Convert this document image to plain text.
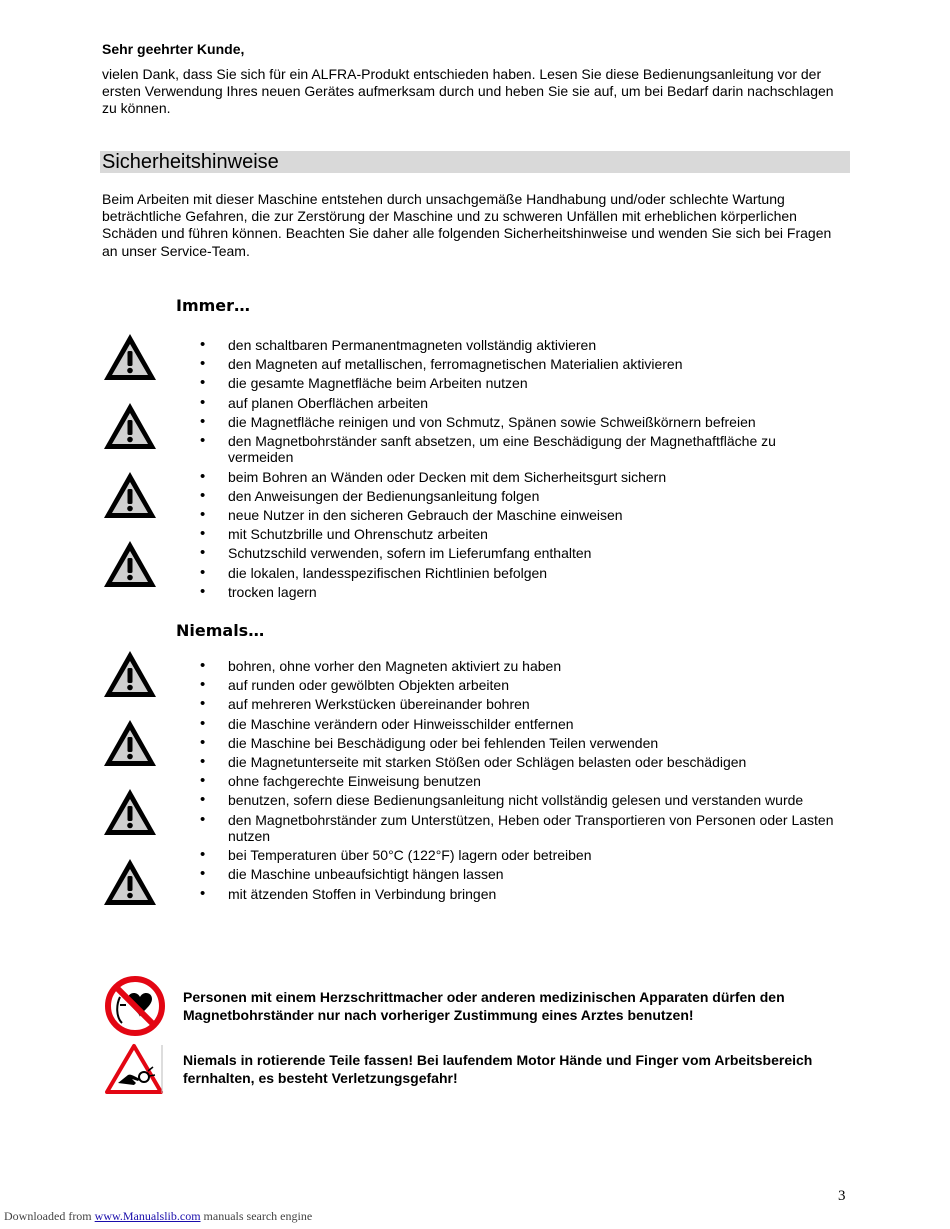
Sehr geehrter Kunde,
vielen Dank, dass Sie sich für ein ALFRA-Produkt entschieden haben. Lesen Sie diese Bedienungsanleitung vor der ersten Verwendung Ihres neuen Gerätes aufmerksam durch und heben Sie sie auf, um bei Bedarf darin nachschlagen zu können.
Sicherheitshinweise
Beim Arbeiten mit dieser Maschine entstehen durch unsachgemäße Handhabung und/oder schlechte Wartung beträchtliche Gefahren, die zur Zerstörung der Maschine und zu schweren Unfällen mit erheblichen körperlichen Schäden und führen können. Beachten Sie daher alle folgenden Sicherheitshinweise und wenden Sie sich bei Fragen an unser Service-Team.
Immer…
• den schaltbaren Permanentmagneten vollständig aktivieren
• den Magneten auf metallischen, ferromagnetischen Materialien aktivieren
• die gesamte Magnetfläche beim Arbeiten nutzen
• auf planen Oberflächen arbeiten
• die Magnetfläche reinigen und von Schmutz, Spänen sowie Schweißkörnern befreien
• den Magnetbohrständer sanft absetzen, um eine Beschädigung der Magnethaftfläche zu vermeiden
• beim Bohren an Wänden oder Decken mit dem Sicherheitsgurt sichern
• den Anweisungen der Bedienungsanleitung folgen
• neue Nutzer in den sicheren Gebrauch der Maschine einweisen
• mit Schutzbrille und Ohrenschutz arbeiten
• Schutzschild verwenden, sofern im Lieferumfang enthalten
• die lokalen, landesspezifischen Richtlinien befolgen
• trocken lagern
Niemals…
• bohren, ohne vorher den Magneten aktiviert zu haben
• auf runden oder gewölbten Objekten arbeiten
• auf mehreren Werkstücken übereinander bohren
• die Maschine verändern oder Hinweisschilder entfernen
• die Maschine bei Beschädigung oder bei fehlenden Teilen verwenden
• die Magnetunterseite mit starken Stößen oder Schlägen belasten oder beschädigen
• ohne fachgerechte Einweisung benutzen
• benutzen, sofern diese Bedienungsanleitung nicht vollständig gelesen und verstanden wurde
• den Magnetbohrständer zum Unterstützen, Heben oder Transportieren von Personen oder Lasten nutzen
• bei Temperaturen über 50°C (122°F) lagern oder betreiben
• die Maschine unbeaufsichtigt hängen lassen
• mit ätzenden Stoffen in Verbindung bringen
Personen mit einem Herzschrittmacher oder anderen medizinischen Apparaten dürfen den Magnetbohrständer nur nach vorheriger Zustimmung eines Arztes benutzen!
Niemals in rotierende Teile fassen! Bei laufendem Motor Hände und Finger vom Arbeitsbereich fernhalten, es besteht Verletzungsgefahr!
3
Downloaded from www.Manualslib.com manuals search engine
